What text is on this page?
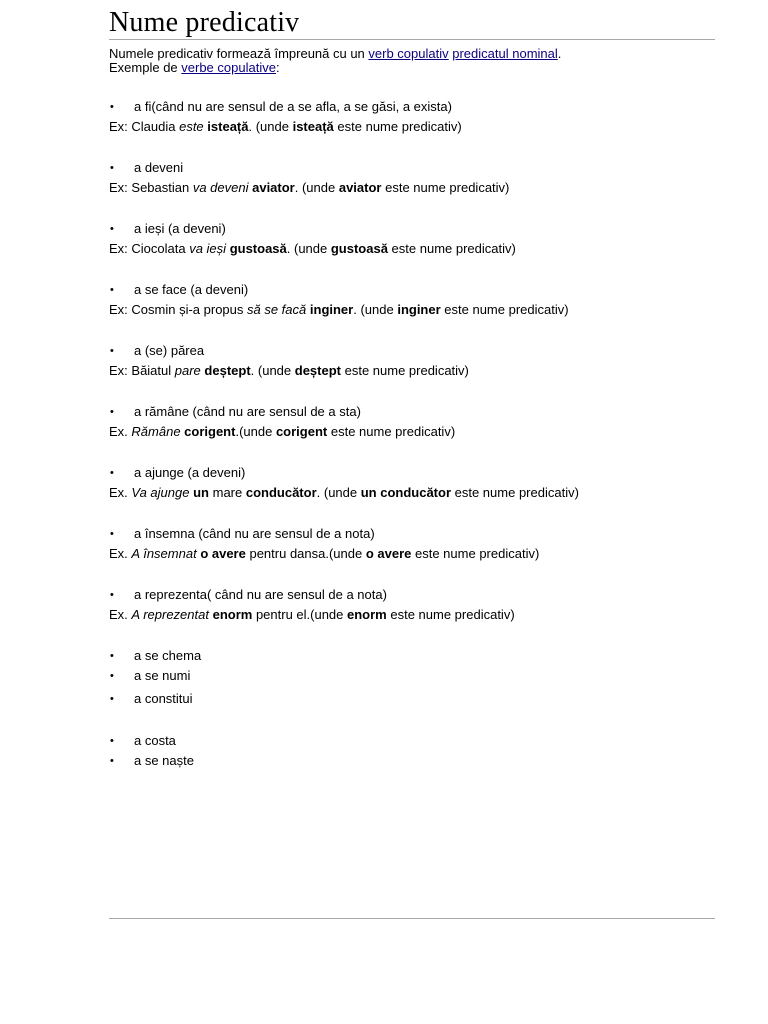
Nume predicativ
Numele predicativ formează împreună cu un verb copulativ predicatul nominal.
Exemple de verbe copulative:
• a fi(când nu are sensul de a se afla, a se găsi, a exista)
Ex: Claudia este isteață. (unde isteață este nume predicativ)
• a deveni
Ex: Sebastian va deveni aviator. (unde aviator este nume predicativ)
• a ieși (a deveni)
Ex: Ciocolata va ieși gustoasă. (unde gustoasă este nume predicativ)
• a se face (a deveni)
Ex: Cosmin și-a propus să se facă inginer. (unde inginer este nume predicativ)
• a (se) părea
Ex: Băiatul pare deștept. (unde deștept este nume predicativ)
• a rămâne (când nu are sensul de a sta)
Ex. Rămâne corigent.(unde corigent este nume predicativ)
• a ajunge (a deveni)
Ex. Va ajunge un mare conducător. (unde un conducător este nume predicativ)
• a însemna (când nu are sensul de a nota)
Ex. A însemnat o avere pentru dansa.(unde o avere este nume predicativ)
• a reprezenta( când nu are sensul de a nota)
Ex. A reprezentat enorm pentru el.(unde enorm este nume predicativ)
• a se chema
• a se numi
• a constitui
• a costa
• a se naște
